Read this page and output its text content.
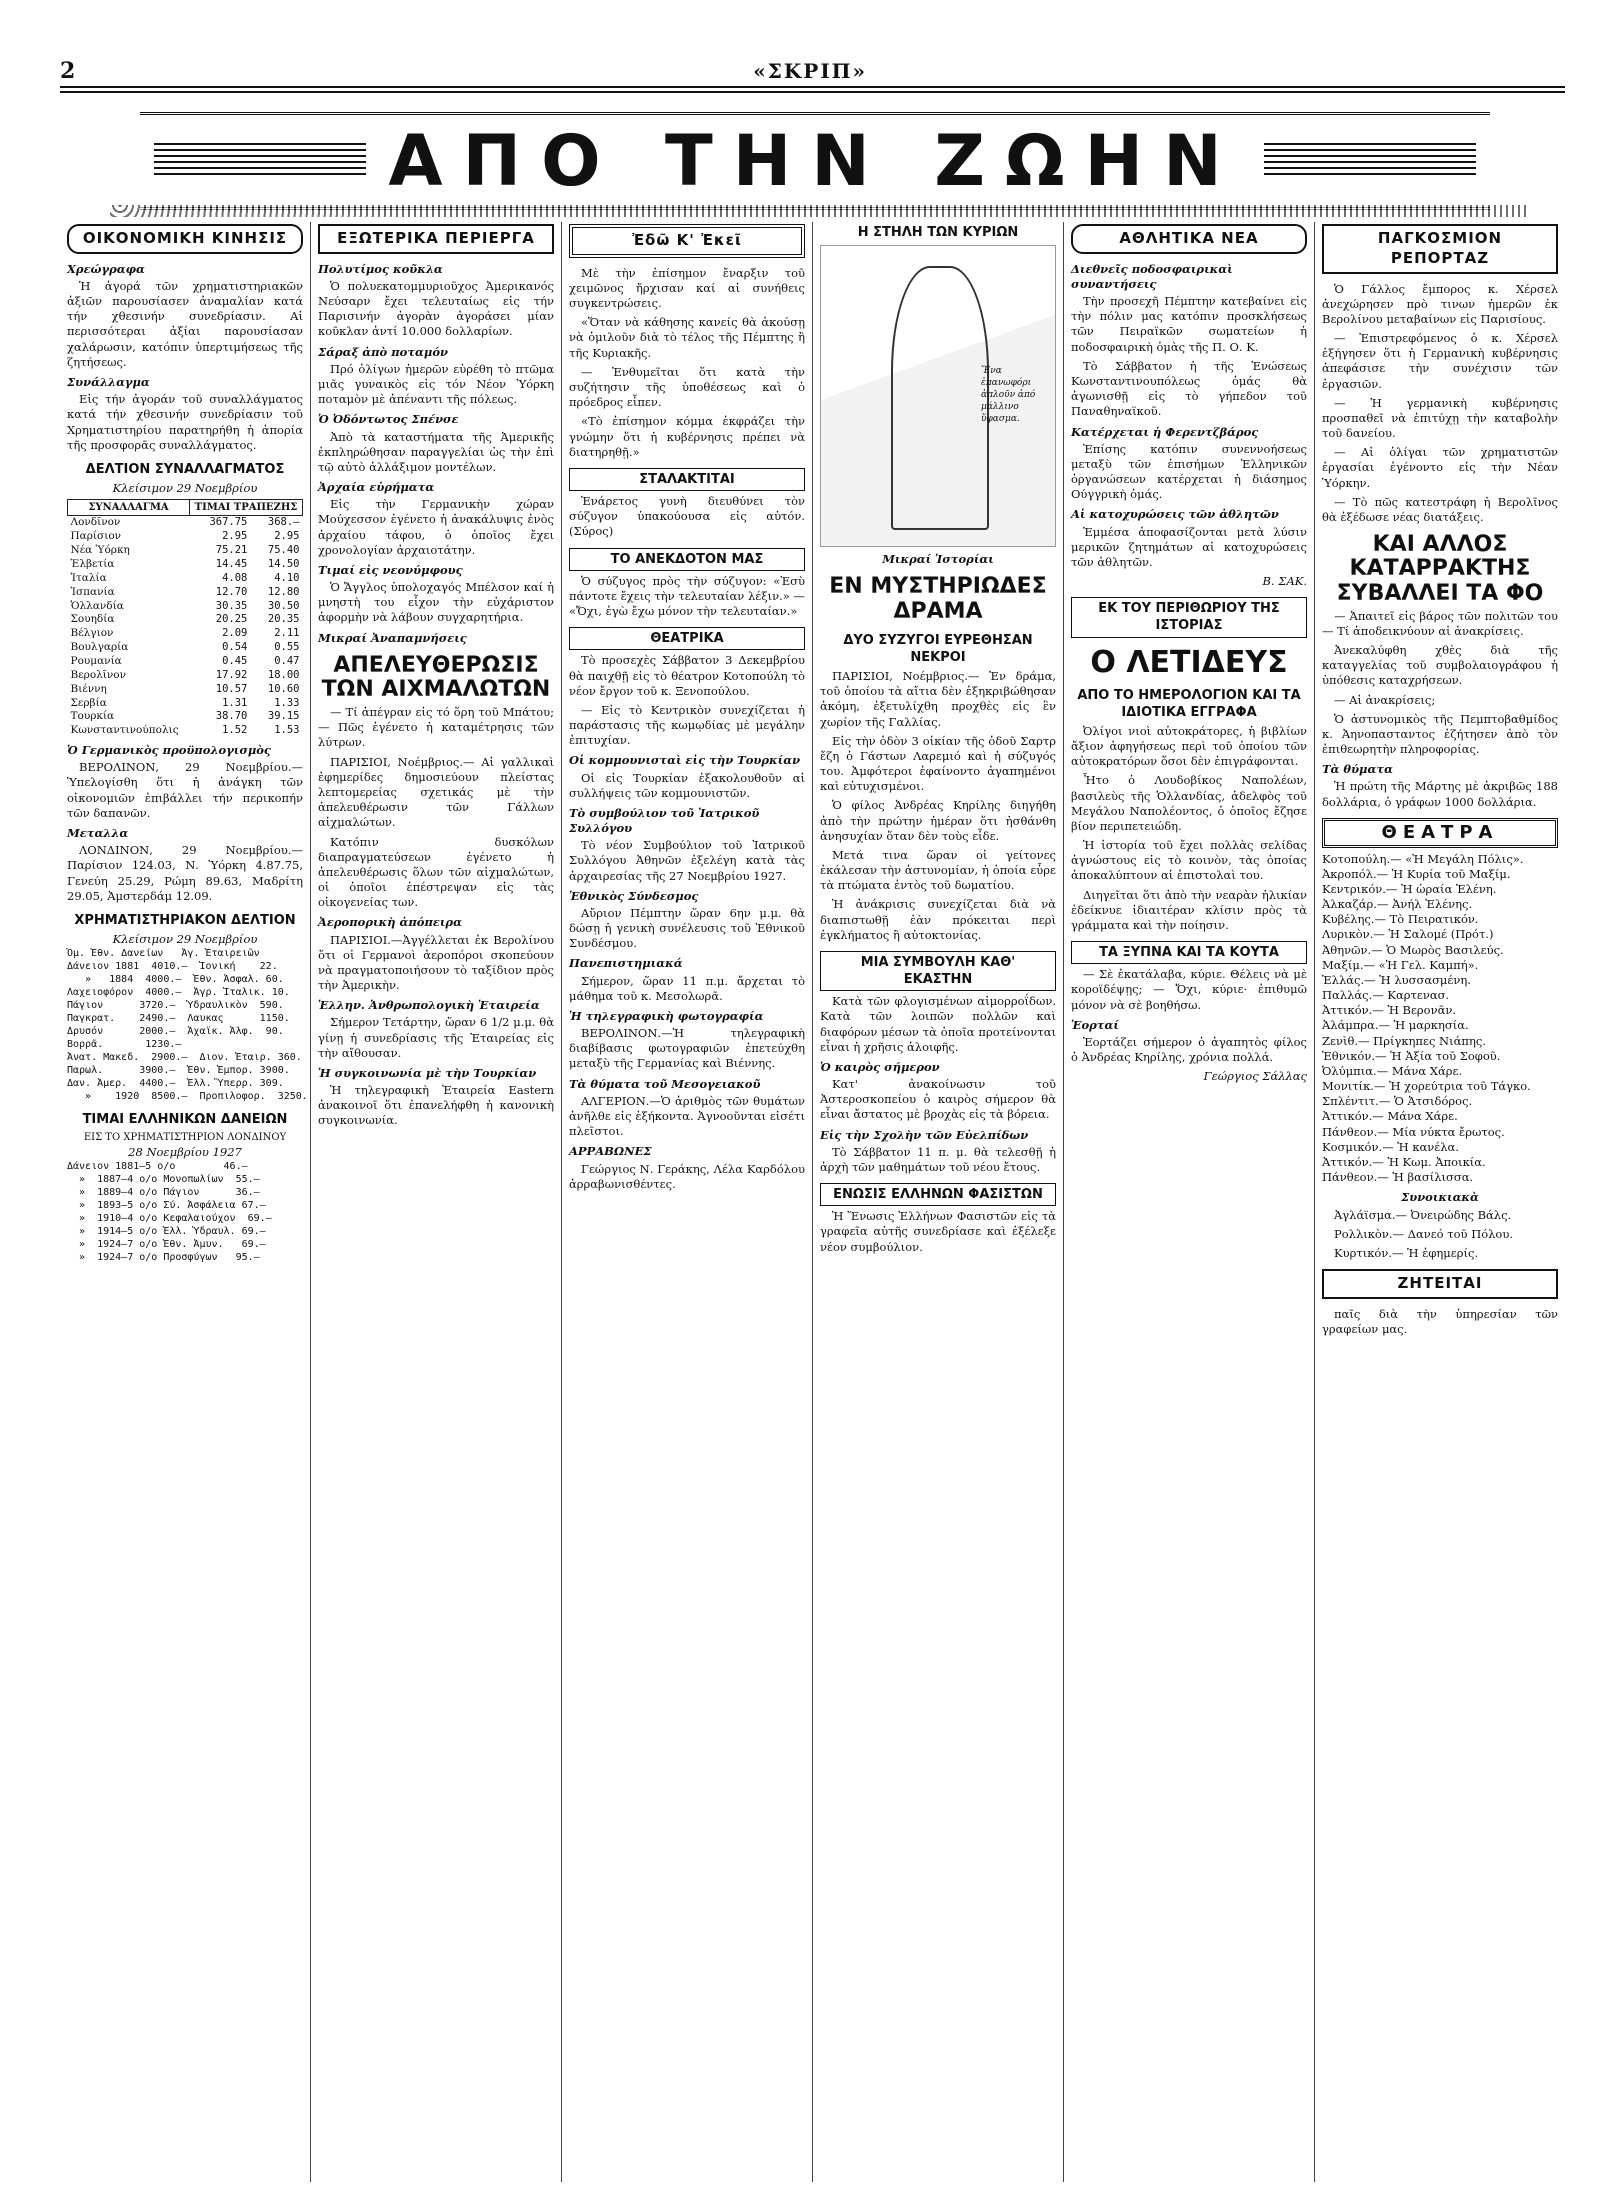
2	«ΣΚΡΙΠ»
ΑΠΟ ΤΗΝ ΖΩΗΝ
ΟΙΚΟΝΟΜΙΚΗ ΚΙΝΗΣΙΣ
Χρεώγραφα

Ἡ ἀγορά τῶν χρηματιστηριακῶν ἀξιῶν παρουσίασεν ἀναμαλίαν κατά τήν χθεσινήν συνεδρίασιν. Αἱ περισσότεραι ἀξίαι παρουσίασαν χαλάρωσιν, κατόπιν ὑπερτιμήσεως τῆς ζητήσεως.

Συνάλλαγμα

Εἰς τήν ἀγοράν τοῦ συναλλάγματος κατά τήν χθεσινήν συνεδρίασιν τοῦ Χρηματιστηρίου παρατηρήθη ἡ ἀπορία τῆς προσφορᾶς συναλλάγματος.

ΔΕΛΤΙΟΝ ΣΥΝΑΛΛΑΓΜΑΤΟΣ
Κλείσιμον 29 Νοεμβρίου
ΣΥΝΑΛΛΑΓΜΑ	ΤΙΜΑΙ ΤΡΑΠΕΖΗΣ	
Λονδῖνον	367.75	368.—
Παρίσιον	2.95	2.95
Νέα Ὑόρκη	75.21	75.40
Ἑλβετία	14.45	14.50
Ἰταλία	4.08	4.10
Ἰσπανία	12.70	12.80
Ὁλλανδία	30.35	30.50
Σουηδία	20.25	20.35
Βέλγιον	2.09	2.11
Βουλγαρία	0.54	0.55
Ρουμανία	0.45	0.47
Βερολῖνον	17.92	18.00
Βιέννη	10.57	10.60
Σερβία	1.31	1.33
Τουρκία	38.70	39.15
Κωνσταντινούπολις	1.52	1.53
Ὁ Γερμανικὸς προϋπολογισμὸς

ΒΕΡΟΛΙΝΟΝ, 29 Νοεμβρίου.— Ὑπελογίσθη ὅτι ἡ ἀνάγκη τῶν οἰκονομιῶν ἐπιβάλλει τήν περικοπήν τῶν δαπανῶν.

Μεταλλα

ΛΟΝΔΙΝΟΝ, 29 Νοεμβρίου.—Παρίσιον 124.03, Ν. Ὑόρκη 4.87.75, Γενεύη 25.29, Ρώμη 89.63, Μαδρίτη 29.05, Ἀμστερδάμ 12.09.

ΧΡΗΜΑΤΙΣΤΗΡΙΑΚΟΝ ΔΕΛΤΙΟΝ
Κλείσιμον 29 Νοεμβρίου
Ὁμ. Ἐθν. Δανείων   Ἀγ. Ἑταιρειῶν
Δάνειον 1881  4010.—  Ἰονική    22.
»   1884  4000.—  Ἐθν. Ἀσφαλ. 60.
Λαχειοφόρον  4000.—  Ἀγρ. Ἰταλικ. 10.
Πάγιον      3720.—  Ὑδραυλικὸν  590.
Παγκρατ.    2490.—  Λαυκας      1150.
Δρυσόν      2000.—  Ἀχαϊκ. Ἀλφ.  90.
Βορρᾶ.       1230.—
Ἀνατ. Μακεδ.  2900.—  Διον. Ἑταιρ. 360.
Παρωλ.      3900.—  Ἐθν. Ἐμπορ. 3900.
Δαν. Ἀμερ.  4400.—  Ἑλλ. Ὕπερρ. 309.
»    1920  8500.—  Προπιλοφορ.  3250.
ΤΙΜΑΙ ΕΛΛΗΝΙΚΩΝ ΔΑΝΕΙΩΝ
ΕΙΣ ΤΟ ΧΡΗΜΑΤΙΣΤΗΡΙΟΝ ΛΟΝΔΙΝΟΥ
28 Νοεμβρίου 1927
Δάνειον 1881—5 ο/ο        46.—
»  1887—4 ο/ο Μονοπωλίων  55.—
»  1889—4 ο/ο Πάγιον      36.—
»  1893—5 ο/ο Σύ. Ἀσφάλεια 67.—
»  1910—4 ο/ο Κεφαλαιούχον  69.—
»  1914—5 ο/ο Ἐλλ. Ὑδραυλ. 69.—
»  1924—7 ο/ο Ἐθν. Ἀμυν.   69.—
»  1924—7 ο/ο Προσφύγων   95.—
ΕΞΩΤΕΡΙΚΑ ΠΕΡΙΕΡΓΑ
Πολυτίμος κοῦκλα

Ὁ πολυεκατομμυριοῦχος Ἀμερικανός Νεύσαρν ἔχει τελευταίως εἰς τήν Παρισινήν ἀγορὰν ἀγοράσει μίαν κοῦκλαν ἀντί 10.000 δολλαρίων.

Σάραξ ἀπὸ ποταμόν

Πρό ὀλίγων ἡμερῶν εὑρέθη τὸ πτῶμα μιᾶς γυναικὸς εἰς τόν Νέον Ὑόρκη ποταμὸν μὲ ἀπέναντι τῆς πόλεως.

Ὁ Ὀδόντωτος Σπένσε

Ἀπὸ τὰ καταστήματα τῆς Ἀμερικῆς ἐκπληρώθησαν παραγγελίαι ὡς τὴν ἐπὶ τῷ αὐτὸ ἀλλάξιμον μοντέλων.

Ἀρχαία εὑρήματα

Εἰς τὴν Γερμανικὴν χώραν Μούχεσσον ἐγένετο ἡ ἀνακάλυψις ἐνὸς ἀρχαίου τάφου, ὁ ὁποῖος ἔχει χρονολογίαν ἀρχαιοτάτην.

Τιμαί εἰς νεονύμφους

Ὁ Ἄγγλος ὑπολοχαγός Μπέλσον καί ἡ μνηστὴ του εἶχον τὴν εὐχάριστον ἀφορμὴν νὰ λάβουν συγχαρητήρια.

Μικραί Ἀναπαμνήσεις
ΑΠΕΛΕΥΘΕΡΩΣΙΣ ΤΩΝ ΑΙΧΜΑΛΩΤΩΝ

— Τί ἀπέγραν εἰς τό ὅρη τοῦ Μπάτου; — Πῶς ἐγένετο ἡ καταμέτρησις τῶν λύτρων.

ΠΑΡΙΣΙΟΙ, Νοέμβριος.— Αἱ γαλλικαὶ ἐφημερίδες δημοσιεύουν πλείστας λεπτομερείας σχετικάς μὲ τὴν ἀπελευθέρωσιν τῶν Γάλλων αἰχμαλώτων.

Κατόπιν δυσκόλων διαπραγματεύσεων ἐγένετο ἡ ἀπελευθέρωσις ὅλων τῶν αἰχμαλώτων, οἱ ὁποῖοι ἐπέστρεψαν εἰς τὰς οἰκογενείας των.

Ἀεροπορικὴ ἀπόπειρα

ΠΑΡΙΣΙΟΙ.—Ἀγγέλλεται ἐκ Βερολίνου ὅτι οἱ Γερμανοὶ ἀεροπόροι σκοπεύουν νὰ πραγματοποιήσουν τὸ ταξίδιον πρὸς τὴν Ἀμερικὴν.

Ἑλλην. Ἀνθρωπολογικὴ Ἑταιρεία

Σήμερον Τετάρτην, ὥραν 6 1/2 μ.μ. θὰ γίνῃ ἡ συνεδρίασις τῆς Ἑταιρείας εἰς τὴν αἴθουσαν.

Ἡ συγκοινωνία μὲ τὴν Τουρκίαν

Ἡ τηλεγραφικὴ Ἑταιρεία Eastern ἀνακοινοῖ ὅτι ἐπανελήφθη ἡ κανονικὴ συγκοινωνία.

Ἐδῶ Κ' Ἐκεῖ

Μὲ τὴν ἐπίσημον ἔναρξιν τοῦ χειμῶνος ἤρχισαν καί αἱ συνήθεις συγκεντρώσεις.

«Ὅταν νὰ κάθησης κανείς θὰ ἀκούσῃ νὰ ὁμιλοῦν διὰ τὸ τέλος τῆς Πέμπτης ἢ τῆς Κυριακῆς.

— Ἐνθυμεῖται ὅτι κατὰ τὴν συζήτησιν τῆς ὑποθέσεως καὶ ὁ πρόεδρος εἶπεν.

«Τὸ ἐπίσημον κόμμα ἐκφράζει τὴν γνώμην ὅτι ἡ κυβέρνησις πρέπει νὰ διατηρηθῇ.»

ΣΤΑΛΑΚΤΙΤΑΙ

Ἐνάρετος γυνὴ διευθύνει τὸν σύζυγον ὑπακούουσα εἰς αὐτόν. (Σύρος)

ΤΟ ΑΝΕΚΔΟΤΟΝ ΜΑΣ

Ὁ σύζυγος πρὸς τὴν σύζυγον: «Ἐσὺ πάντοτε ἔχεις τὴν τελευταίαν λέξιν.» — «Ὄχι, ἐγὼ ἔχω μόνον τὴν τελευταίαν.»

ΘΕΑΤΡΙΚΑ

Τὸ προσεχὲς Σάββατον 3 Δεκεμβρίου θὰ παιχθῇ εἰς τὸ θέατρον Κοτοπούλη τὸ νέον ἔργον τοῦ κ. Ξενοπούλου.

— Εἰς τὸ Κεντρικὸν συνεχίζεται ἡ παράστασις τῆς κωμῳδίας μὲ μεγάλην ἐπιτυχίαν.

Οἱ κομμουνισταὶ εἰς τὴν Τουρκίαν

Οἱ εἰς Τουρκίαν ἐξακολουθοῦν αἱ συλλήψεις τῶν κομμουνιστῶν.

Τὸ συμβούλιον τοῦ Ἰατρικοῦ Συλλόγου

Τὸ νέον Συμβούλιον τοῦ Ἰατρικοῦ Συλλόγου Ἀθηνῶν ἐξελέγη κατὰ τὰς ἀρχαιρεσίας τῆς 27 Νοεμβρίου 1927.

Ἐθνικὸς Σύνδεσμος

Αὔριον Πέμπτην ὥραν 6ην μ.μ. θὰ δώσῃ ἡ γενικὴ συνέλευσις τοῦ Ἐθνικοῦ Συνδέσμου.

Πανεπιστημιακά

Σήμερον, ὥραν 11 π.μ. ἄρχεται τὸ μάθημα τοῦ κ. Μεσολωρᾶ.

Ἡ τηλεγραφικὴ φωτογραφία

ΒΕΡΟΛΙΝΟΝ.—Ἡ τηλεγραφικὴ διαβίβασις φωτογραφιῶν ἐπετεύχθη μεταξὺ τῆς Γερμανίας καὶ Βιέννης.

Τὰ θύματα τοῦ Μεσογειακοῦ

ΑΛΓΕΡΙΟΝ.—Ὁ ἀριθμὸς τῶν θυμάτων ἀνῆλθε εἰς ἑξήκοντα. Ἀγνοοῦνται εἰσέτι πλεῖστοι.

ΑΡΡΑΒΩΝΕΣ

Γεώργιος Ν. Γεράκης, Λέλα Καρδόλου ἀρραβωνισθέντες.

Η ΣΤΗΛΗ ΤΩΝ ΚΥΡΙΩΝ
Ἕνα ἐπανωφόρι ἀπλοῦν ἀπό μάλλινο ὕφασμα.
Μικραί Ἱστορίαι
ΕΝ ΜΥΣΤΗΡΙΩΔΕΣ ΔΡΑΜΑ
ΔΥΟ ΣΥΖΥΓΟΙ ΕΥΡΕΘΗΣΑΝ ΝΕΚΡΟΙ

ΠΑΡΙΣΙΟΙ, Νοέμβριος.— Ἐν δράμα, τοῦ ὁποίου τὰ αἴτια δὲν ἐξηκριβώθησαν ἀκόμη, ἐξετυλίχθη προχθὲς εἰς ἓν χωρίον τῆς Γαλλίας.

Εἰς τὴν ὁδὸν 3 οἰκίαν τῆς ὁδοῦ Σαρτρ ἔζη ὁ Γάστων Λαρεμιό καὶ ἡ σύζυγός του. Ἀμφότεροι ἐφαίνοντο ἀγαπημένοι καὶ εὐτυχισμένοι.

Ὁ φίλος Ἀνδρέας Κηρίλης διηγήθη ἀπὸ τὴν πρώτην ἡμέραν ὅτι ἠσθάνθη ἀνησυχίαν ὅταν δὲν τοὺς εἶδε.

Μετά τινα ὥραν οἱ γείτονες ἐκάλεσαν τὴν ἀστυνομίαν, ἡ ὁποία εὗρε τὰ πτώματα ἐντὸς τοῦ δωματίου.

Ἡ ἀνάκρισις συνεχίζεται διὰ νὰ διαπιστωθῇ ἐὰν πρόκειται περὶ ἐγκλήματος ἢ αὐτοκτονίας.

ΜΙΑ ΣΥΜΒΟΥΛΗ ΚΑΘ' ΕΚΑΣΤΗΝ

Κατὰ τῶν φλογισμένων αἱμορροΐδων. Κατὰ τῶν λοιπῶν πολλῶν καὶ διαφόρων μέσων τὰ ὁποῖα προτείνονται εἶναι ἡ χρῆσις ἀλοιφῆς.

Ὁ καιρὸς σήμερον

Κατ' ἀνακοίνωσιν τοῦ Ἀστεροσκοπείου ὁ καιρὸς σήμερον θὰ εἶναι ἄστατος μὲ βροχὰς εἰς τὰ βόρεια.

Εἰς τὴν Σχολὴν τῶν Εὐελπίδων

Τὸ Σάββατον 11 π. μ. θὰ τελεσθῇ ἡ ἀρχὴ τῶν μαθημάτων τοῦ νέου ἔτους.

ΕΝΩΣΙΣ ΕΛΛΗΝΩΝ ΦΑΣΙΣΤΩΝ

Ἡ Ἕνωσις Ἑλλήνων Φασιστῶν εἰς τὰ γραφεῖα αὐτῆς συνεδρίασε καὶ ἐξέλεξε νέον συμβούλιον.

ΑΘΛΗΤΙΚΑ ΝΕΑ
Διεθνεῖς ποδοσφαιρικαὶ συναντήσεις

Τὴν προσεχῆ Πέμπτην κατεβαίνει εἰς τὴν πόλιν μας κατόπιν προσκλήσεως τῶν Πειραϊκῶν σωματείων ἡ ποδοσφαιρικὴ ὁμὰς τῆς Π. Ο. Κ.

Τὸ Σάββατον ἡ τῆς Ἑνώσεως Κωνσταντινουπόλεως ὁμάς θὰ ἀγωνισθῇ εἰς τὸ γήπεδον τοῦ Παναθηναϊκοῦ.

Κατέρχεται ἡ Φερεντζβάρος

Ἐπίσης κατόπιν συνεννοήσεως μεταξὺ τῶν ἐπισήμων Ἑλληνικῶν ὀργανώσεων κατέρχεται ἡ διάσημος Ούγγρικὴ ὁμάς.

Αἱ κατοχυρώσεις τῶν ἀθλητῶν

Ἐμμέσα ἀποφασίζονται μετὰ λύσιν μερικῶν ζητημάτων αἱ κατοχυρώσεις τῶν ἀθλητῶν.

Β. ΣΑΚ.
ΕΚ ΤΟΥ ΠΕΡΙΘΩΡΙΟΥ ΤΗΣ ΙΣΤΟΡΙΑΣ
Ο ΛΕΤΙΔΕΥΣ
ΑΠΟ ΤΟ ΗΜΕΡΟΛΟΓΙΟΝ ΚΑΙ ΤΑ ΙΔΙΟΤΙΚΑ ΕΓΓΡΑΦΑ

Ὀλίγοι νιοὶ αὐτοκράτορες, ἡ βιβλίων ἄξιον ἀφηγήσεως περὶ τοῦ ὁποίου τῶν αὐτοκρατόρων ὅσοι δὲν ἐπιγράφονται.

Ἦτο ὁ Λουδοβίκος Ναπολέων, βασιλεὺς τῆς Ὁλλανδίας, ἀδελφὸς τοῦ Μεγάλου Ναπολέοντος, ὁ ὁποῖος ἔζησε βίον περιπετειώδη.

Ἡ ἱστορία τοῦ ἔχει πολλὰς σελίδας ἀγνώστους εἰς τὸ κοινὸν, τὰς ὁποίας ἀποκαλύπτουν αἱ ἐπιστολαὶ του.

Διηγεῖται ὅτι ἀπὸ τὴν νεαρὰν ἡλικίαν ἐδείκνυε ἰδιαιτέραν κλίσιν πρὸς τὰ γράμματα καὶ τὴν ποίησιν.

ΤΑ ΞΥΠΝΑ ΚΑΙ ΤΑ ΚΟΥΤΑ

— Σὲ ἐκατάλαβα, κύριε. Θέλεις νὰ μὲ κοροϊδέψῃς; — Ὄχι, κύριε· ἐπιθυμῶ μόνον νὰ σὲ βοηθήσω.

Ἑορταί

Ἑορτάζει σήμερον ὁ ἀγαπητὸς φίλος ὁ Ἀνδρέας Κηρίλης, χρόνια πολλά.

Γεώργιος Σάλλας
ΠΑΓΚΟΣΜΙΟΝ ΡΕΠΟΡΤΑΖ

Ὁ Γάλλος ἔμπορος κ. Χέρσελ ἀνεχώρησεν πρὸ τινων ἡμερῶν ἐκ Βερολίνου μεταβαίνων εἰς Παρισίους.

— Ἐπιστρεφόμενος ὁ κ. Χέρσελ ἐξήγησεν ὅτι ἡ Γερμανικὴ κυβέρνησις ἀπεφάσισε τὴν συνέχισιν τῶν ἐργασιῶν.

— Ἡ γερμανικὴ κυβέρνησις προσπαθεῖ νὰ ἐπιτύχῃ τὴν καταβολὴν τοῦ δανείου.

— Αἱ ὀλίγαι τῶν χρηματιστῶν ἐργασίαι ἐγένοντο εἰς τὴν Νέαν Ὑόρκην.

— Τὸ πῶς κατεστράφη ἡ Βερολῖνος θὰ ἐξέδωσε νέας διατάξεις.

ΚΑΙ ΑΛΛΟΣ ΚΑΤΑΡΡΑΚΤΗΣ ΣΥΒΑΛΛΕΙ ΤΑ ΦΟ

— Ἀπαιτεῖ εἰς βάρος τῶν πολιτῶν του — Τί ἀποδεικνύουν αἱ ἀνακρίσεις.

Ἀνεκαλύφθη χθὲς διὰ τῆς καταγγελίας τοῦ συμβολαιογράφου ἡ ὑπόθεσις καταχρήσεων.

— Αἱ ἀνακρίσεις;

Ὁ ἀστυνομικὸς τῆς Πεμπτοβαθμίδος κ. Ἀηνοπασταντος ἐζήτησεν ἀπὸ τὸν ἐπιθεωρητὴν πληροφορίας.

Τὰ θύματα

Ἡ πρώτη τῆς Μάρτης μὲ ἀκριβῶς 188 δολλάρια, ὁ γράφων 1000 δολλάρια.

ΘΕΑΤΡΑ
Κοτοπούλη.— «Ἡ Μεγάλη Πόλις».
Ἀκροπόλ.— Ἡ Κυρία τοῦ Μαξίμ.
Κεντρικόν.— Ἡ ὡραία Ἑλένη.
Ἀλκαζάρ.— Ἀνήλ Ἑλένης.
Κυβέλης.— Τὸ Πειρατικόν.
Λυρικὸν.— Ἡ Σαλομέ (Πρότ.)
Ἀθηνῶν.— Ὁ Μωρὸς Βασιλεύς.
Μαξίμ.— «Ἡ Γελ. Καμπή».
Ἑλλάς.— Ἡ λυσσασμένη.
Παλλάς.— Καρτενασ.
Ἀττικόν.— Ἡ Βερονᾶν.
Ἀλάμπρα.— Ἡ μαρκησία.
Ζενὶθ.— Πρίγκηπες Νιάπης.
Ἐθνικόν.— Ἡ Ἀξία τοῦ Σοφοῦ.
Ὀλύμπια.— Μάνα Χάρε.
Μονιτίκ.— Ἡ χορεύτρια τοῦ Τάγκο.
Σπλέντιτ.— Ὁ Ἀτσιδόρος.
Ἀττικόν.— Μάνα Χάρε.
Πάνθεον.— Μία νύκτα ἔρωτος.
Κοσμικόν.— Ἡ κανέλα.
Ἀττικόν.— Ἡ Κωμ. Ἀποικία.
Πάνθεον.— Ἡ βασίλισσα.
Συνοικιακὰ

Ἀγλάϊσμα.— Ὀνειρώδης Βάλς.

Ρολλικὸν.— Δανεό τοῦ Πόλου.

Κυρτικόν.— Ἡ ἐφημερίς.

ΖΗΤΕΙΤΑΙ

παῖς διὰ τὴν ὑπηρεσίαν τῶν γραφείων μας.
